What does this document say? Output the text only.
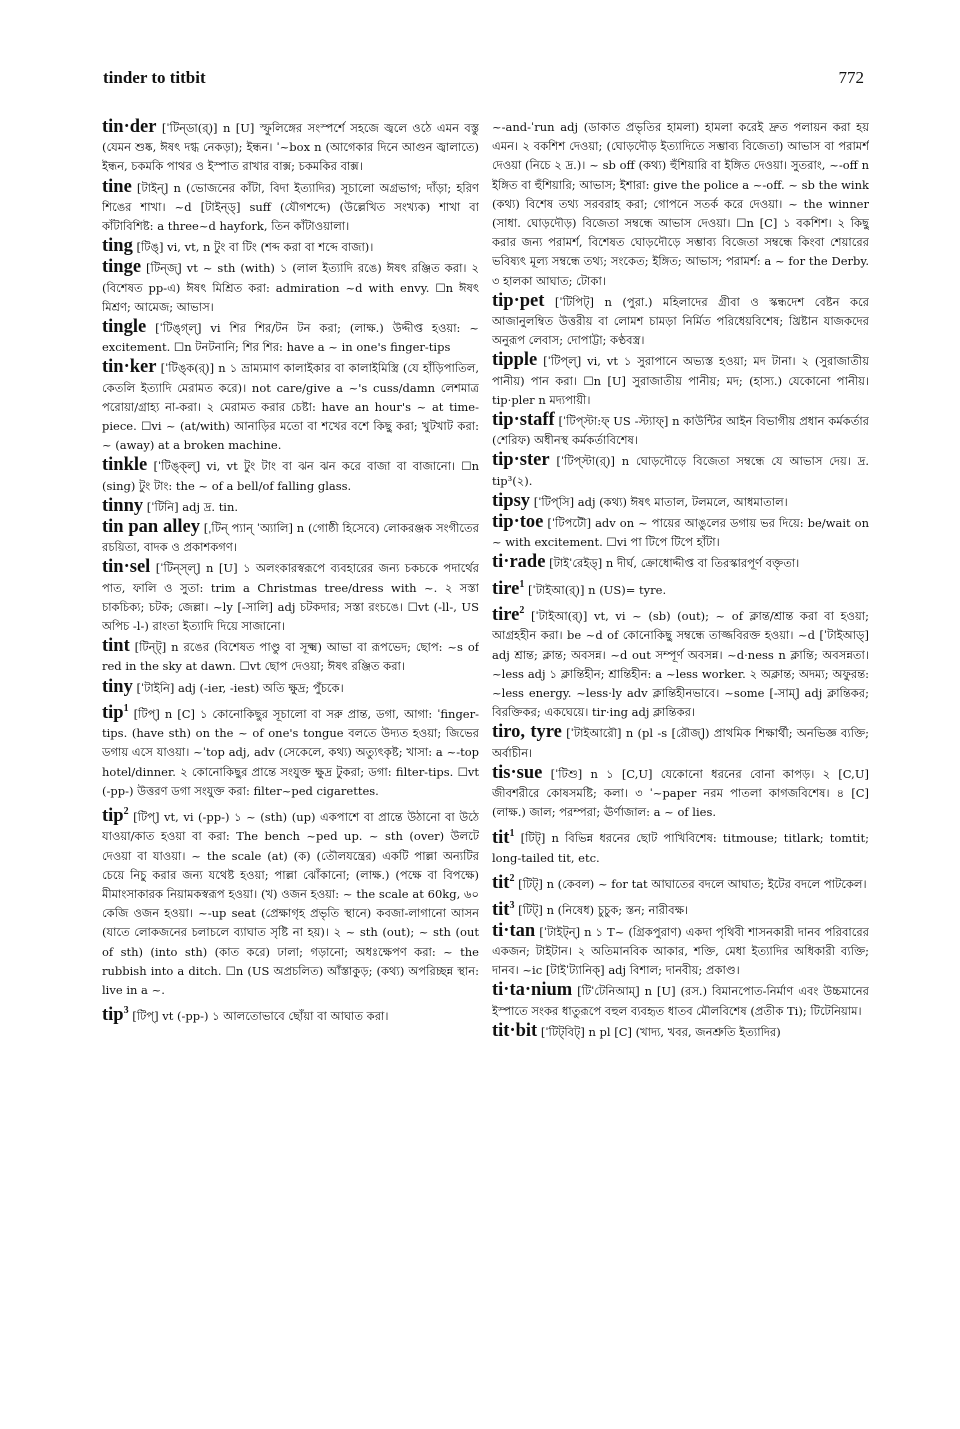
tinder to titbit	772

tin·der [ˈটিন্‌ডা(র্‌)] n [U] স্ফুলিঙ্গের সংস্পর্শে সহজে জ্বলে ওঠে এমন বস্তু (যেমন শুষ্ক, ঈষৎ দগ্ধ নেকড়া); ইন্ধন। ˈ~box n (আগেকার দিনে আগুন জ্বালাতে) ইন্ধন, চকমকি পাথর ও ইস্পাত রাখার বাক্স; চকমকির বাক্স।

tine [টাইন্‌] n (ভোজনের কাঁটা, বিদা ইত্যাদির) সূচালো অগ্রভাগ; দাঁড়া; হরিণ শিঙের শাখা। ~d [টাইন্‌ড্‌] suff (যৌগশব্দে) (উল্লেখিত সংখ্যক) শাখা বা কাঁটাবিশিষ্ট: a three~d hayfork, তিন কাঁটাওয়ালা।

ting [টিঙ্‌] vi, vt, n টুং বা টিং (শব্দ করা বা শব্দে বাজা)।

tinge [টিন্‌জ্‌] vt ~ sth (with) ১ (লাল ইত্যাদি রঙে) ঈষৎ রঞ্জিত করা। ২ (বিশেষত pp-এ) ঈষৎ মিশ্রিত করা: admiration ~d with envy. ☐n ঈষৎ মিশ্রণ; আমেজ; আভাস।

tingle [ˈটিঙ্‌গ্‌ল্‌] vi শির শির/টন টন করা; (লাক্ষ.) উদ্দীপ্ত হওয়া: ~ excitement. ☐n টনটনানি; শির শির: have a ~ in one's finger-tips

tin·ker [ˈটিঙ্‌ক(র্‌)] n ১ ভ্রাম্যমাণ কালাইকার বা কালাইমিস্ত্রি (যে হাঁড়িপাতিল, কেতলি ইত্যাদি মেরামত করে)। not care/give a ~'s cuss/damn লেশমাত্র পরোয়া/গ্রাহ্য না-করা। ২ মেরামত করার চেষ্টা: have an hour's ~ at time-piece. ☐vi ~ (at/with) আনাড়ির মতো বা শখের বশে কিছু করা; খুটখাট করা: ~ (away) at a broken machine.

tinkle [ˈটিঙ্‌ক্‌ল্‌] vi, vt টুং টাং বা ঝন ঝন করে বাজা বা বাজানো। ☐n (sing) টুং টাং: the ~ of a bell/of falling glass.

tinny [ˈটিনি] adj দ্র. tin.

tin pan alley [ˌটিন্‌ প্যান্‌ ˈঅ্যালি] n (গোষ্ঠী হিসেবে) লোকরঞ্জক সংগীতের রচয়িতা, বাদক ও প্রকাশকগণ।

tin·sel [ˈটিন্‌স্‌ল্‌] n [U] ১ অলংকারস্বরূপে ব্যবহারের জন্য চকচকে পদার্থের পাত, ফালি ও সুতা: trim a Christmas tree/dress with ~. ২ সস্তা চাকচিক্য; চটক; জেল্লা। ~ly [-সালি] adj চটকদার; সস্তা রংচঙে। ☐vt (-ll-, US অপিচ -l-) রাংতা ইত্যাদি দিয়ে সাজানো।

tint [টিন্‌ট্‌] n রঙের (বিশেষত পাণ্ডু বা সূক্ষ্ম) আভা বা রূপভেদ; ছোপ: ~s of red in the sky at dawn. ☐vt ছোপ দেওয়া; ঈষৎ রঞ্জিত করা।

tiny [ˈটাইনি] adj (-ier, -iest) অতি ক্ষুদ্র; পুঁচকে।

tip$^1$ [টিপ্‌] n [C] ১ কোনোকিছুর সূচালো বা সরু প্রান্ত, ডগা, আগা: ˈfinger-tips. (have sth) on the ~ of one's tongue বলতে উদ্যত হওয়া; জিভের ডগায় এসে যাওয়া। ~ˈtop adj, adv (সেকেলে, কথ্য) অত্যুৎকৃষ্ট; খাসা: a ~-top hotel/dinner. ২ কোনোকিছুর প্রান্তে সংযুক্ত ক্ষুদ্র টুকরা; ডগা: filter-tips. ☐vt (-pp-) উত্তরণ ডগা সংযুক্ত করা: filter~ped cigarettes.

tip$^2$ [টিপ্‌] vt, vi (-pp-) ১ ~ (sth) (up) একপাশে বা প্রান্তে উঠানো বা উঠে যাওয়া/কাত হওয়া বা করা: The bench ~ped up. ~ sth (over) উলটে দেওয়া বা যাওয়া। ~ the scale (at) (ক) (তৌলযন্ত্রের) একটি পাল্লা অন্যটির চেয়ে নিচু করার জন্য যথেষ্ট হওয়া; পাল্লা ঝোঁকানো; (লাক্ষ.) (পক্ষে বা বিপক্ষে) মীমাংসাকারক নিয়ামকস্বরূপ হওয়া। (খ) ওজন হওয়া: ~ the scale at 60kg, ৬০ কেজি ওজন হওয়া। ~-up seat (প্রেক্ষাগৃহ প্রভৃতি স্থানে) কবজা-লাগানো আসন (যাতে লোকজনের চলাচলে ব্যাঘাত সৃষ্টি না হয়)। ২ ~ sth (out); ~ sth (out of sth) (into sth) (কাত করে) ঢালা; গড়ানো; অধঃক্ষেপণ করা: ~ the rubbish into a ditch. ☐n (US অপ্রচলিত) আঁস্তাকুড়; (কথ্য) অপরিচ্ছন্ন স্থান: live in a ~.

tip$^3$ [টিপ্‌] vt (-pp-) ১ আলতোভাবে ছোঁয়া বা আঘাত করা।

~-and-ˈrun adj (ডাকাত প্রভৃতির হামলা) হামলা করেই দ্রুত পলায়ন করা হয় এমন। ২ বকশিশ দেওয়া; (ঘোড়দৌড় ইত্যাদিতে সম্ভাব্য বিজেতা) আভাস বা পরামর্শ দেওয়া (নিচে ২ দ্র.)। ~ sb off (কথ্য) হুঁশিয়ারি বা ইঙ্গিত দেওয়া। সুতরাং, ~-off n ইঙ্গিত বা হুঁশিয়ারি; আভাস; ইশারা: give the police a ~-off. ~ sb the wink (কথ্য) বিশেষ তথ্য সরবরাহ করা; গোপনে সতর্ক করে দেওয়া। ~ the winner (সাধা. ঘোড়দৌড়) বিজেতা সম্বন্ধে আভাস দেওয়া। ☐n [C] ১ বকশিশ। ২ কিছু করার জন্য পরামর্শ, বিশেষত ঘোড়দৌড়ে সম্ভাব্য বিজেতা সম্বন্ধে কিংবা শেয়ারের ভবিষ্যৎ মূল্য সম্বন্ধে তথ্য; সংকেত; ইঙ্গিত; আভাস; পরামর্শ: a ~ for the Derby. ৩ হালকা আঘাত; টোকা।

tip·pet [ˈটিপিট্‌] n (পুরা.) মহিলাদের গ্রীবা ও স্কন্ধদেশ বেষ্টন করে আজানুলম্বিত উত্তরীয় বা লোমশ চামড়া নির্মিত পরিধেয়বিশেষ; খ্রিষ্টান যাজকদের অনুরূপ লেবাস; দোপাট্টা; কণ্ঠবস্ত্র।

tipple [ˈটিপ্‌ল্‌] vi, vt ১ সুরাপানে অভ্যস্ত হওয়া; মদ টানা। ২ (সুরাজাতীয় পানীয়) পান করা। ☐n [U] সুরাজাতীয় পানীয়; মদ; (হাস্য.) যেকোনো পানীয়। tip·pler n মদ্যপায়ী।

tip·staff [ˈটিপ্‌স্টা:ফ্‌ US -স্ট্যাফ্‌] n কাউন্টির আইন বিভাগীয় প্রধান কর্মকর্তার (শেরিফ) অধীনস্থ কর্মকর্তাবিশেষ।

tip·ster [ˈটিপ্‌স্টা(র্‌)] n ঘোড়দৌড়ে বিজেতা সম্বন্ধে যে আভাস দেয়। দ্র. tip³(২).

tipsy [ˈটিপ্‌সি] adj (কথ্য) ঈষৎ মাতাল, টলমলে, আধমাতাল।

tip·toe [ˈটিপটৌ] adv on ~ পায়ের আঙুলের ডগায় ভর দিয়ে: be/wait on ~ with excitement. ☐vi পা টিপে টিপে হাঁটা।

ti·rade [টাইˈরেইড্‌] n দীর্ঘ, ক্রোধোদ্দীপ্ত বা তিরস্কারপূর্ণ বক্তৃতা।

tire$^1$ [ˈটাইআ(র্‌)] n (US)= tyre.

tire$^2$ [ˈটাইআ(র্‌)] vt, vi ~ (sb) (out); ~ of ক্লান্ত/শ্রান্ত করা বা হওয়া; আগ্রহহীন করা। be ~d of কোনোকিছু সম্বন্ধে তাজ্জবিরক্ত হওয়া। ~d [ˈটাইআড্‌] adj শ্রান্ত; ক্লান্ত; অবসন্ন। ~d out সম্পূর্ণ অবসন্ন। ~d·ness n ক্লান্তি; অবসন্নতা। ~less adj ১ ক্লান্তিহীন; শ্রান্তিহীন: a ~less worker. ২ অক্লান্ত; অদম্য; অফুরন্ত: ~less energy. ~less·ly adv ক্লান্তিহীনভাবে। ~some [-সাম্‌] adj ক্লান্তিকর; বিরক্তিকর; একঘেয়ে। tir·ing adj ক্লান্তিকর।

tiro, tyre [ˈটাইআরৌ] n (pl -s [রৌজ্‌]) প্রাথমিক শিক্ষার্থী; অনভিজ্ঞ ব্যক্তি; অর্বাচীন।

tis·sue [ˈটিশু] n ১ [C,U] যেকোনো ধরনের বোনা কাপড়। ২ [C,U] জীবশরীরে কোষসমষ্টি; কলা। ৩ ˈ~paper নরম পাতলা কাগজবিশেষ। ৪ [C] (লাক্ষ.) জাল; পরম্পরা; ঊর্ণাজাল: a ~ of lies.

tit$^1$ [টিট্‌] n বিভিন্ন ধরনের ছোট পাখিবিশেষ: titmouse; titlark; tomtit; long-tailed tit, etc.

tit$^2$ [টিট্‌] n (কেবল) ~ for tat আঘাতের বদলে আঘাত; ইটের বদলে পাটকেল।

tit$^3$ [টিট্‌] n (নিষেধ) চুচুক; স্তন; নারীবক্ষ।

ti·tan [ˈটাইট্‌ন্‌] n ১ T~ (গ্রিকপুরাণ) একদা পৃথিবী শাসনকারী দানব পরিবারের একজন; টাইটান। ২ অতিমানবিক আকার, শক্তি, মেধা ইত্যাদির অধিকারী ব্যক্তি; দানব। ~ic [টাইˈট্যানিক্‌] adj বিশাল; দানবীয়; প্রকাণ্ড।

ti·ta·nium [টিˈটেনিআম্‌] n [U] (রস.) বিমানপোত-নির্মাণ এবং উচ্চমানের ইস্পাতে সংকর ধাতুরূপে বহুল ব্যবহৃত ধাতব মৌলবিশেষ (প্রতীক Ti); টিটেনিয়াম।

tit·bit [ˈটিট্‌বিট্‌] n pl [C] (খাদ্য, খবর, জনশ্রুতি ইত্যাদির)
